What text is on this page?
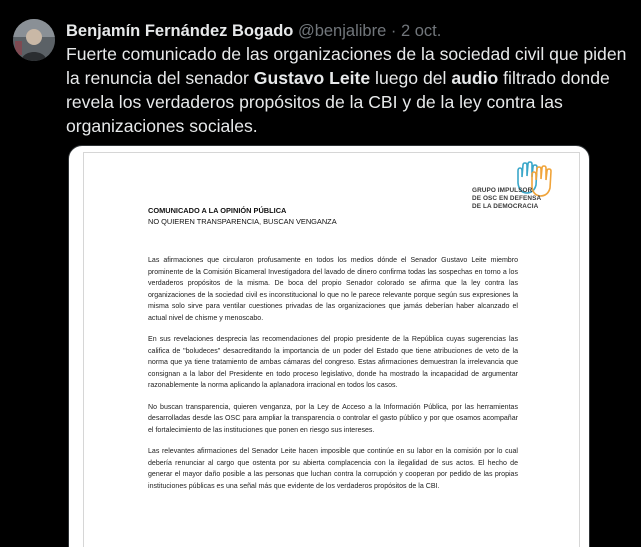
Benjamín Fernández Bogado @benjalibre · 2 oct.
Fuerte comunicado de las organizaciones de la sociedad civil que piden la renuncia del senador Gustavo Leite luego del audio filtrado donde revela los verdaderos propósitos de la CBI y de la ley contra las organizaciones sociales.
GRUPO IMPULSOR
DE OSC EN DEFENSA
DE LA DEMOCRACIA
COMUNICADO A LA OPINIÓN PÚBLICA
NO QUIEREN TRANSPARENCIA, BUSCAN VENGANZA

Las afirmaciones que circularon profusamente en todos los medios dónde el Senador Gustavo Leite miembro prominente de la Comisión Bicameral Investigadora del lavado de dinero confirma todas las sospechas en torno a los verdaderos propósitos de la misma. De boca del propio Senador colorado se afirma que la ley contra las organizaciones de la sociedad civil es inconstitucional lo que no le parece relevante porque según sus expresiones la misma solo sirve para ventilar cuestiones privadas de las organizaciones que jamás deberían haber alcanzado el actual nivel de chisme y menoscabo.

En sus revelaciones desprecia las recomendaciones del propio presidente de la República cuyas sugerencias las califica de "boludeces" desacreditando la importancia de un poder del Estado que tiene atribuciones de veto de la norma que ya tiene tratamiento de ambas cámaras del congreso. Estas afirmaciones demuestran la irrelevancia que consignan a la labor del Presidente en todo proceso legislativo, donde ha mostrado la incapacidad de argumentar razonablemente la norma aplicando la aplanadora irracional en todos los casos.

No buscan transparencia, quieren venganza, por la Ley de Acceso a la Información Pública, por las herramientas desarrolladas desde las OSC para ampliar la transparencia o controlar el gasto público y por que osamos acompañar el fortalecimiento de las instituciones que ponen en riesgo sus intereses.

Las relevantes afirmaciones del Senador Leite hacen imposible que continúe en su labor en la comisión por lo cual debería renunciar al cargo que ostenta por su abierta complacencia con la ilegalidad de sus actos. El hecho de generar el mayor daño posible a las personas que luchan contra la corrupción y cooperan por pedido de las propias instituciones públicas es una señal más que evidente de los verdaderos propósitos de la CBI.
